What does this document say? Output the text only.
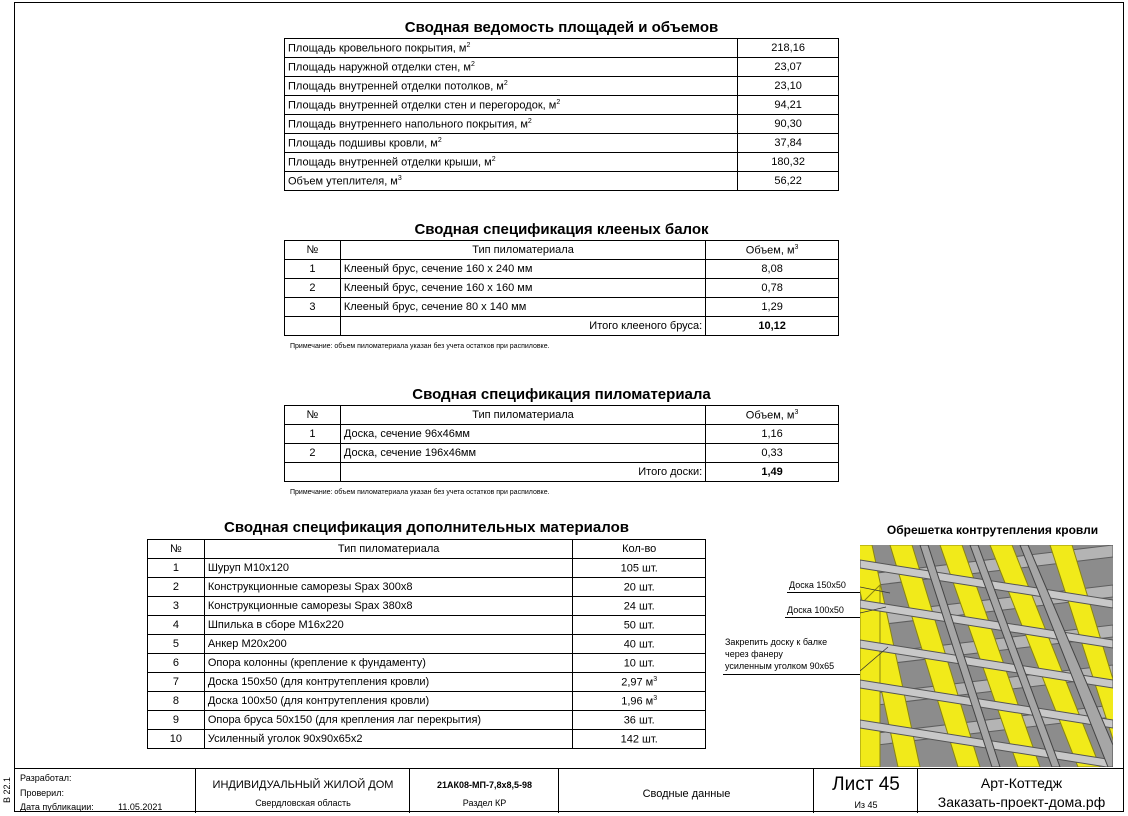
Сводная ведомость площадей и объемов
Площадь кровельного покрытия, $м^2$	218,16
Площадь наружной отделки стен, $м^2$	23,07
Площадь внутренней отделки потолков, $м^2$	23,10
Площадь внутренней отделки стен и перегородок, $м^2$	94,21
Площадь внутреннего напольного покрытия, $м^2$	90,30
Площадь подшивы кровли, $м^2$	37,84
Площадь внутренней отделки крыши, $м^2$	180,32
Объем утеплителя, $м^3$	56,22
Сводная спецификация клееных балок
№	Тип пиломатериала	Объем, $м^3$
1	Клееный брус, сечение 160 х 240 мм	8,08
2	Клееный брус, сечение 160 х 160 мм	0,78
3	Клееный брус, сечение 80 х 140 мм	1,29
	Итого клееного бруса:	10,12
Примечание: объем пиломатериала указан без учета остатков при распиловке.
Сводная спецификация пиломатериала
№	Тип пиломатериала	Объем, $м^3$
1	Доска, сечение 96х46мм	1,16
2	Доска, сечение 196х46мм	0,33
	Итого доски:	1,49
Примечание: объем пиломатериала указан без учета остатков при распиловке.
Сводная спецификация дополнительных материалов
№	Тип пиломатериала	Кол-во
1	Шуруп М10х120	105 шт.
2	Конструкционные саморезы Spax 300х8	20 шт.
3	Конструкционные саморезы Spax 380х8	24 шт.
4	Шпилька в сборе М16х220	50 шт.
5	Анкер М20х200	40 шт.
6	Опора колонны (крепление к фундаменту)	10 шт.
7	Доска 150х50 (для контрутепления кровли)	2,97 $м^3$
8	Доска 100х50 (для контрутепления кровли)	1,96 $м^3$
9	Опора бруса 50х150 (для крепления лаг перекрытия)	36 шт.
10	Усиленный уголок 90х90х65х2	142 шт.
Обрешетка контрутепления кровли
Доска 150х50
Доска 100х50
Закрепить доску к балке
через фанеру
усиленным уголком 90х65
В 22.1 Разработал:
Проверил:
Дата публикации:	11.05.2021
ИНДИВИДУАЛЬНЫЙ ЖИЛОЙ ДОМ
Свердловская область
21АК08-МП-7,8х8,5-98
Раздел КР
Сводные данные	Лист 45
Из 45
Арт-Коттедж
Заказать-проект-дома.рф
